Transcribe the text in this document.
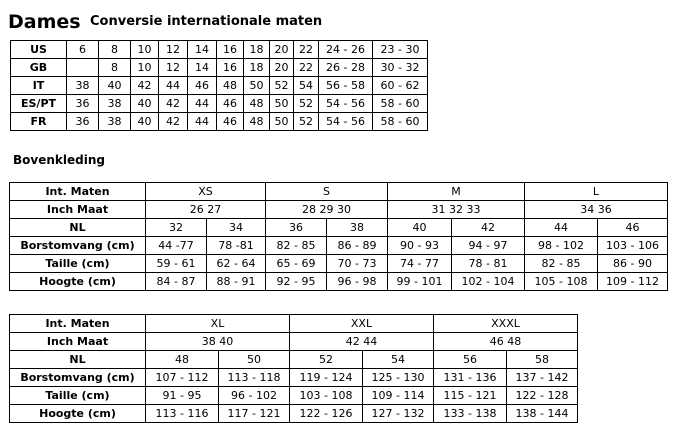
Dames Conversie internationale maten
US	6	8	10	12	14	16	18	20	22	24 - 26	23 - 30
GB		8	10	12	14	16	18	20	22	26 - 28	30 - 32
IT	38	40	42	44	46	48	50	52	54	56 - 58	60 - 62
ES/PT	36	38	40	42	44	46	48	50	52	54 - 56	58 - 60
FR	36	38	40	42	44	46	48	50	52	54 - 56	58 - 60
Bovenkleding
Int. Maten	XS		S		M		L	
Inch Maat	26 27		28 29 30		31 32 33		34 36	
NL	32	34	36	38	40	42	44	46
Borstomvang (cm)	44 -77	78 -81	82 - 85	86 - 89	90 - 93	94 - 97	98 - 102	103 - 106
Taille (cm)	59 - 61	62 - 64	65 - 69	70 - 73	74 - 77	78 - 81	82 - 85	86 - 90
Hoogte (cm)	84 - 87	88 - 91	92 - 95	96 - 98	99 - 101	102 - 104	105 - 108	109 - 112
Int. Maten	XL		XXL		XXXL	
Inch Maat	38 40		42 44		46 48	
NL	48	50	52	54	56	58
Borstomvang (cm)	107 - 112	113 - 118	119 - 124	125 - 130	131 - 136	137 - 142
Taille (cm)	91 - 95	96 - 102	103 - 108	109 - 114	115 - 121	122 - 128
Hoogte (cm)	113 - 116	117 - 121	122 - 126	127 - 132	133 - 138	138 - 144
